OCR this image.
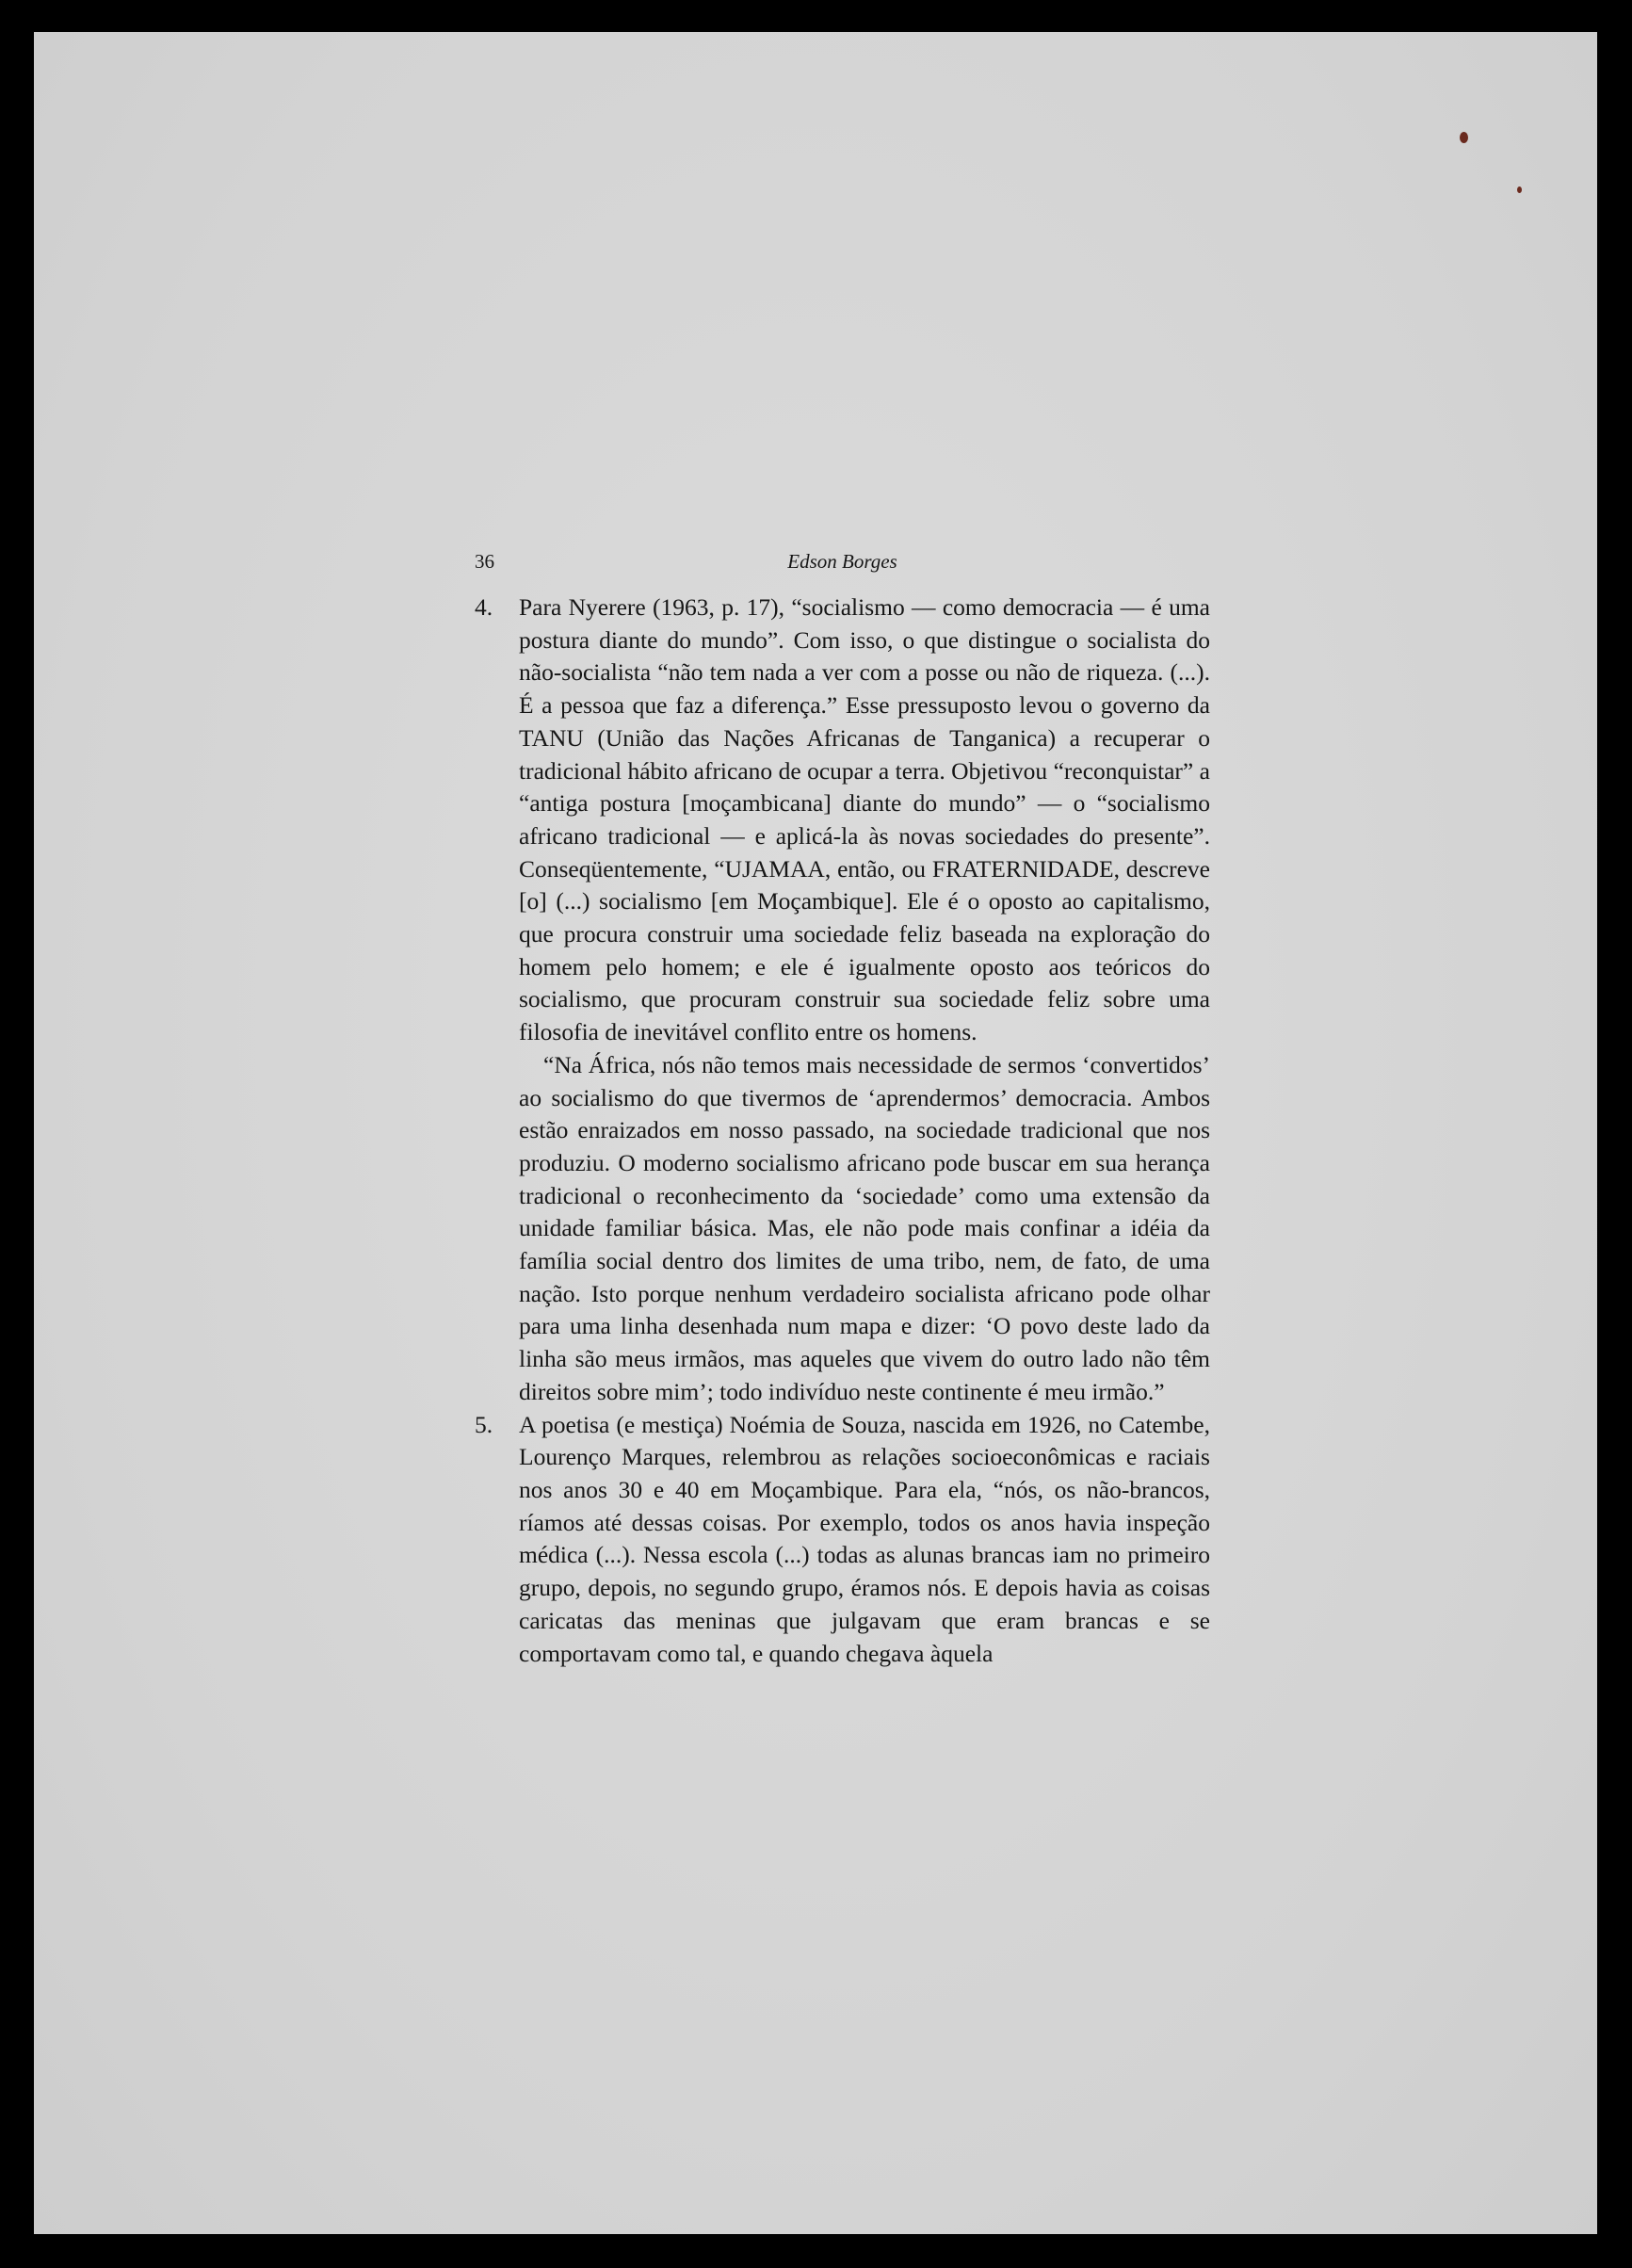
36	Edson Borges
4. Para Nyerere (1963, p. 17), “socialismo — como democracia — é uma postura diante do mundo”. Com isso, o que distingue o socialista do não-socialista “não tem nada a ver com a posse ou não de riqueza. (...). É a pessoa que faz a diferença.” Esse pressuposto levou o governo da TANU (União das Nações Africanas de Tanganica) a recuperar o tradicional hábito africano de ocupar a terra. Objetivou “reconquistar” a “antiga postura [moçambicana] diante do mundo” — o “socialismo africano tradicional — e aplicá-la às novas sociedades do presente”. Conseqüentemente, “UJAMAA, então, ou FRATERNIDADE, descreve [o] (...) socialismo [em Moçambique]. Ele é o oposto ao capitalismo, que procura construir uma sociedade feliz baseada na exploração do homem pelo homem; e ele é igualmente oposto aos teóricos do socialismo, que procuram construir sua sociedade feliz sobre uma filosofia de inevitável conflito entre os homens.

“Na África, nós não temos mais necessidade de sermos ‘convertidos’ ao socialismo do que tivermos de ‘aprendermos’ democracia. Ambos estão enraizados em nosso passado, na sociedade tradicional que nos produziu. O moderno socialismo africano pode buscar em sua herança tradicional o reconhecimento da ‘sociedade’ como uma extensão da unidade familiar básica. Mas, ele não pode mais confinar a idéia da família social dentro dos limites de uma tribo, nem, de fato, de uma nação. Isto porque nenhum verdadeiro socialista africano pode olhar para uma linha desenhada num mapa e dizer: ‘O povo deste lado da linha são meus irmãos, mas aqueles que vivem do outro lado não têm direitos sobre mim’; todo indivíduo neste continente é meu irmão.”

5. A poetisa (e mestiça) Noémia de Souza, nascida em 1926, no Catembe, Lourenço Marques, relembrou as relações socioeconômicas e raciais nos anos 30 e 40 em Moçambique. Para ela, “nós, os não-brancos, ríamos até dessas coisas. Por exemplo, todos os anos havia inspeção médica (...). Nessa escola (...) todas as alunas brancas iam no primeiro grupo, depois, no segundo grupo, éramos nós. E depois havia as coisas caricatas das meninas que julgavam que eram brancas e se comportavam como tal, e quando chegava àquela
